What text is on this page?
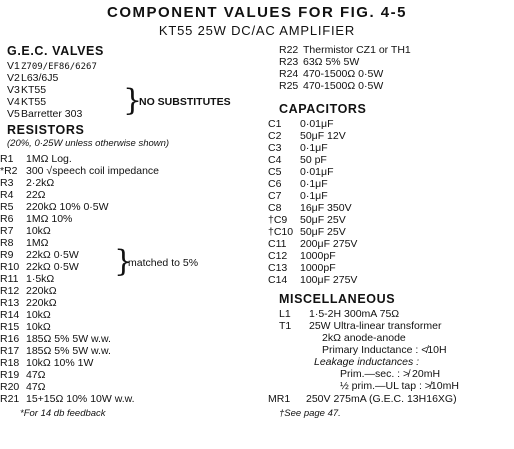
COMPONENT VALUES FOR FIG. 4-5
KT55 25W DC/AC AMPLIFIER
G.E.C. VALVES
V1Z709/EF86/6267
V2L63/6J5
V3KT55
V4KT55
V5Barretter 303 }
NO SUBSTITUTES
RESISTORS
(20%, 0·25W unless otherwise shown)
R1 1MΩ Log.
*R2 300 √speech coil impedance
R3 2·2kΩ
R4 22Ω
R5 220kΩ 10% 0·5W
R6 1MΩ 10%
R7 10kΩ
R8 1MΩ
R9 22kΩ 0·5W
R10 22kΩ 0·5W
R11 1·5kΩ
R12 220kΩ
R13 220kΩ
R14 10kΩ
R15 10kΩ
R16 185Ω 5% 5W w.w.
R17 185Ω 5% 5W w.w.
R18 10kΩ 10% 1W
R19 47Ω
R20 47Ω
R21 15+15Ω 10% 10W w.w.
}
matched to 5%
*For 14 db feedback
R22 Thermistor CZ1 or TH1
R23 63Ω 5% 5W
R24 470-1500Ω 0·5W
R25 470-1500Ω 0·5W
CAPACITORS
C1 0·01μF
C2 50μF 12V
C3 0·1μF
C4 50 pF
C5 0·01μF
C6 0·1μF
C7 0·1μF
C8 16μF 350V
†C9 50μF 25V
†C10 50μF 25V
C11 200μF 275V
C12 1000pF
C13 1000pF
C14 100μF 275V
MISCELLANEOUS
L1 1·5-2H 300mA 75Ω
T1 25W Ultra-linear transformer
2kΩ anode-anode
Primary Inductance : ≮10H
Leakage inductances :
Prim.—sec. : ≯ 20mH
½ prim.—UL tap : ≯10mH
MR1 250V 275mA (G.E.C. 13H16XG)
†See page 47.
